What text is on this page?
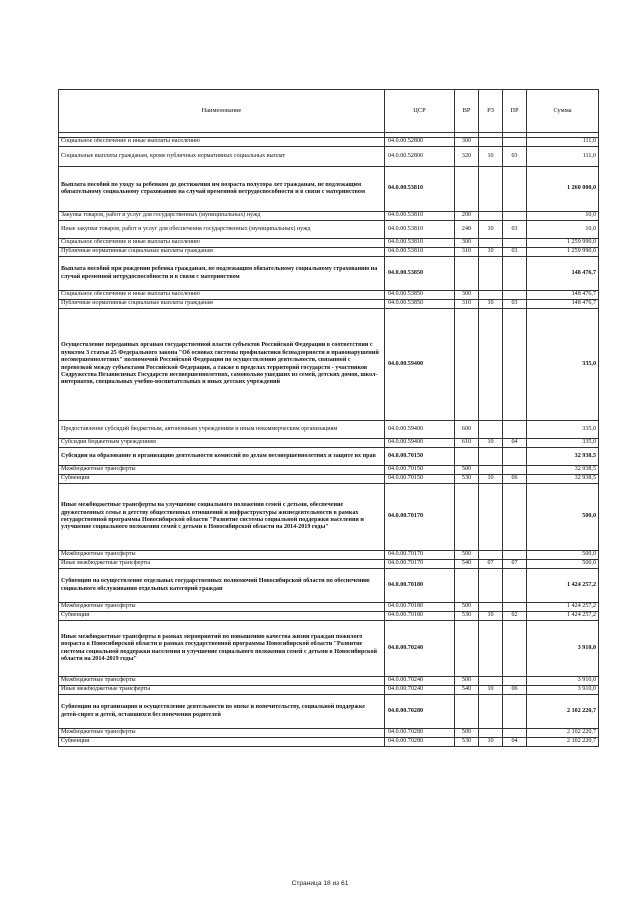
Наименование	ЦСР	ВР	РЗ	ПР	Сумма

Социальное обеспечение и иные выплаты населению	04.0.00.52800	300			111,0
Социальные выплаты гражданам, кроме публичных нормативных социальных выплат	04.0.00.52800	320	10	03	111,0
Выплата пособий по уходу за ребенком до достижения им возраста полутора лет гражданам, не подлежащим обязательному социальному страхованию на случай временной нетрудоспособности и в связи с материнством	04.0.00.53810				1 260 000,0
Закупка товаров, работ и услуг для государственных (муниципальных) нужд	04.0.00.53810	200			10,0
Иные закупки товаров, работ и услуг для обеспечения государственных (муниципальных) нужд	04.0.00.53810	240	10	03	10,0
Социальное обеспечение и иные выплаты населению	04.0.00.53810	300			1 259 990,0
Публичные нормативные социальные выплаты гражданам	04.0.00.53810	310	10	03	1 259 990,0
Выплата пособий при рождении ребенка гражданам, не подлежащим обязательному социальному страхованию на случай временной нетрудоспособности и в связи с материнством	04.0.00.53850				148 476,7
Социальное обеспечение и иные выплаты населению	04.0.00.53850	300			148 476,7
Публичные нормативные социальные выплаты гражданам	04.0.00.53850	310	10	03	148 476,7
Осуществление переданных органам государственной власти субъектов Российской Федерации в соответствии с пунктом 3 статьи 25 Федерального закона "Об основах системы профилактики безнадзорности и правонарушений несовершеннолетних" полномочий Российской Федерации по осуществлению деятельности, связанной с перевозкой между субъектами Российской Федерации, а также в пределах территорий государств - участников Содружества Независимых Государств несовершеннолетних, самовольно ушедших из семей, детских домов, школ-интернатов, специальных учебно-воспитательных и иных детских учреждений	04.0.00.59400				335,0
Предоставление субсидий бюджетным, автономным учреждениям и иным некоммерческим организациям	04.0.00.59400	600			335,0
Субсидии бюджетным учреждениям	04.0.00.59400	610	10	04	335,0
Субсидии на образование и организацию деятельности комиссий по делам несовершеннолетних и защите их прав	04.0.00.70150				32 938,5
Межбюджетные трансферты	04.0.00.70150	500			32 938,5
Субвенции	04.0.00.70150	530	10	06	32 938,5
Иные межбюджетные трансферты на улучшение социального положения семей с детьми, обеспечение дружественных семье и детству общественных отношений и инфраструктуры жизнедеятельности в рамках государственной программы Новосибирской области "Развитие системы социальной поддержки населения и улучшение социального положения семей с детьми в Новосибирской области на 2014-2019 годы"	04.0.00.70170				500,0
Межбюджетные трансферты	04.0.00.70170	500			500,0
Иные межбюджетные трансферты	04.0.00.70170	540	07	07	500,0
Субвенции на осуществление отдельных государственных полномочий Новосибирской области по обеспечению социального обслуживания отдельных категорий граждан	04.0.00.70180				1 424 257,2
Межбюджетные трансферты	04.0.00.70180	500			1 424 257,2
Субвенции	04.0.00.70180	530	10	02	1 424 257,2
Иные межбюджетные трансферты в рамках мероприятий по повышению качества жизни граждан пожилого возраста в Новосибирской области в рамках государственной программы Новосибирской области "Развитие системы социальной поддержки населения и улучшение социального положения семей с детьми в Новосибирской области на 2014-2019 годы"	04.0.00.70240				3 910,0
Межбюджетные трансферты	04.0.00.70240	500			3 910,0
Иные межбюджетные трансферты	04.0.00.70240	540	10	06	3 910,0
Субвенции на организацию и осуществление деятельности по опеке и попечительству, социальной поддержке детей-сирот и детей, оставшихся без попечения родителей	04.0.00.70280				2 102 220,7
Межбюджетные трансферты	04.0.00.70280	500			2 102 220,7
Субвенции	04.0.00.70280	530	10	04	2 102 220,7
Страница 18 из 61
